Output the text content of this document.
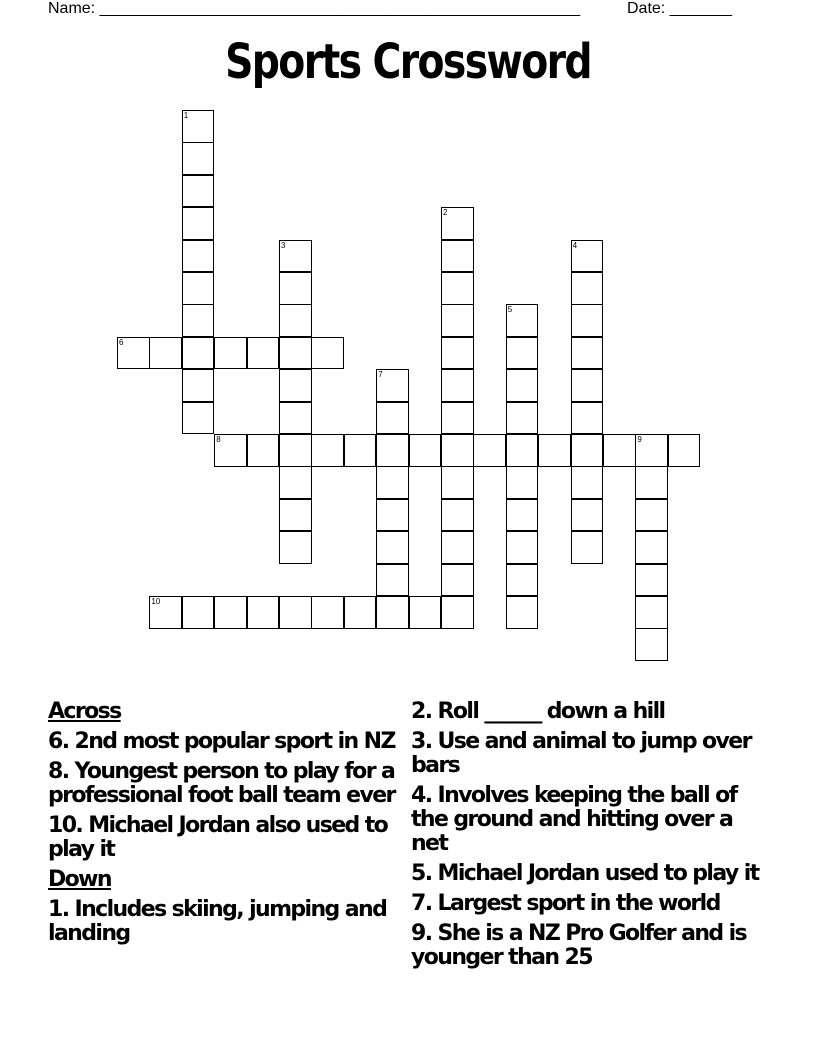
Name: ______________________________________________________	Date: _______
Sports Crossword
1
2
3	4
5
6
7
8	9
10
Across
6. 2nd most popular sport in NZ
8. Youngest person to play for a professional foot ball team ever
10. Michael Jordan also used to play it
Down
1. Includes skiing, jumping and landing
2. Roll ______ down a hill
3. Use and animal to jump over bars
4. Involves keeping the ball of the ground and hitting over a net
5. Michael Jordan used to play it
7. Largest sport in the world
9. She is a NZ Pro Golfer and is younger than 25
